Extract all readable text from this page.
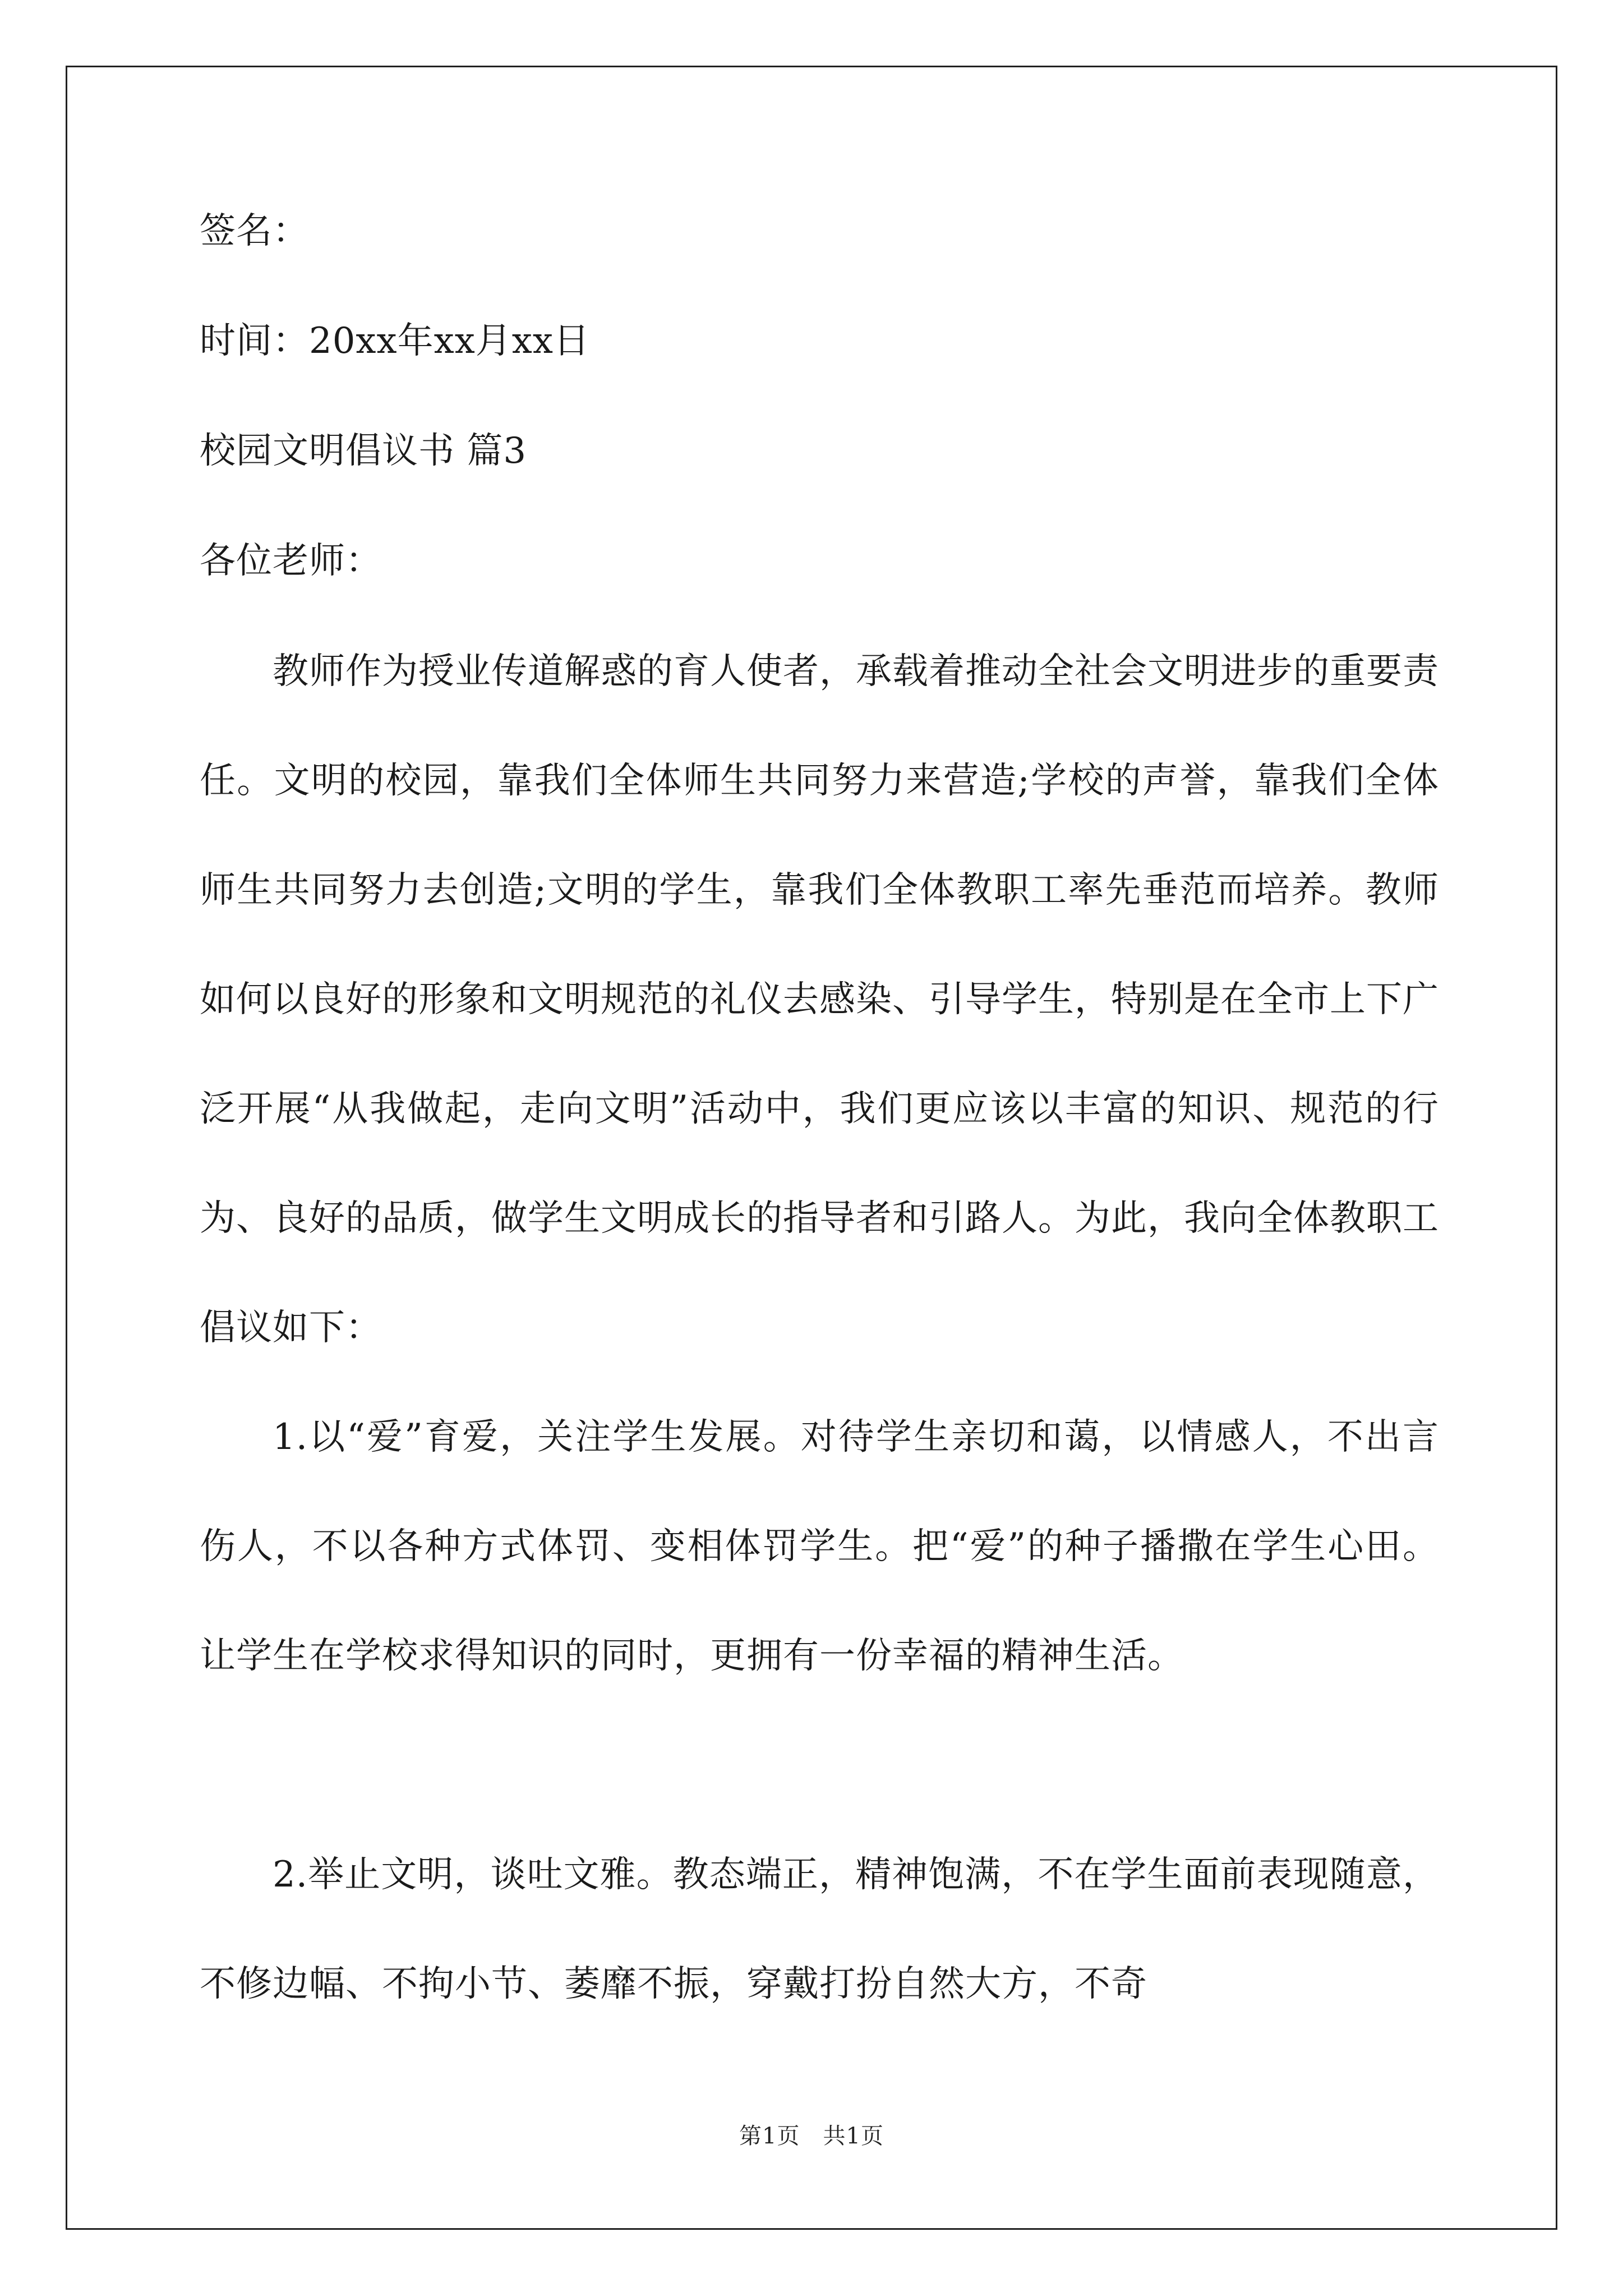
签名：
时间：20xx年xx月xx日
校园文明倡议书 篇3
各位老师：
教师作为授业传道解惑的育人使者，承载着推动全社会文明进步的重要责任。文明的校园，靠我们全体师生共同努力来营造;学校的声誉，靠我们全体师生共同努力去创造;文明的学生，靠我们全体教职工率先垂范而培养。教师如何以良好的形象和文明规范的礼仪去感染、引导学生，特别是在全市上下广泛开展“从我做起，走向文明”活动中，我们更应该以丰富的知识、规范的行为、良好的品质，做学生文明成长的指导者和引路人。为此，我向全体教职工倡议如下：
1.以“爱”育爱，关注学生发展。对待学生亲切和蔼，以情感人，不出言伤人，不以各种方式体罚、变相体罚学生。把“爱”的种子播撒在学生心田。让学生在学校求得知识的同时，更拥有一份幸福的精神生活。
2.举止文明，谈吐文雅。教态端正，精神饱满，不在学生面前表现随意，不修边幅、不拘小节、萎靡不振，穿戴打扮自然大方，不奇
第1页　共1页
